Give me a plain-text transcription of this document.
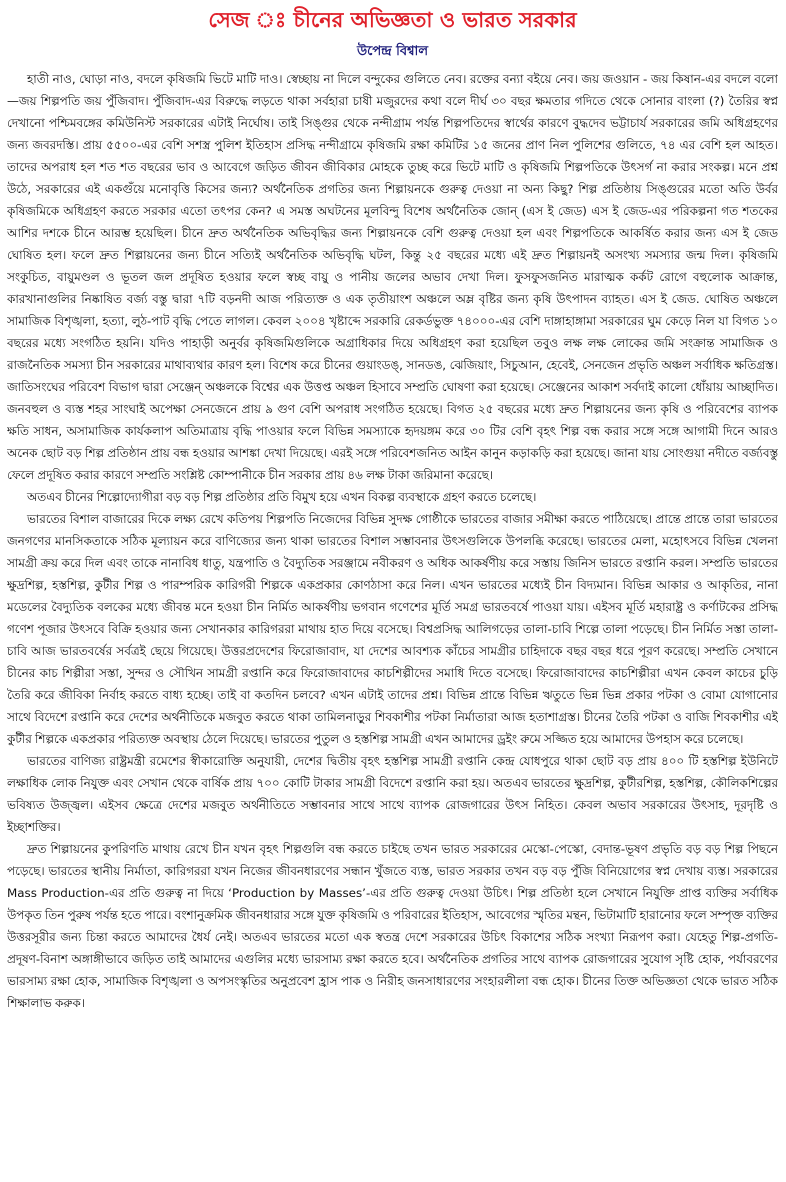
সেজ ঃ চীনের অভিজ্ঞতা ও ভারত সরকার
উপেন্দ্র বিশ্বাল

হাতী নাও, ঘোড়া নাও, বদলে কৃষিজমি ভিটে মাটি দাও। স্বেচ্ছায় না দিলে বন্দুকের গুলিতে নেব। রক্তের বন্যা বইয়ে নেব। জয় জওয়ান - জয় কিষান-এর বদলে বলো—জয় শিল্পপতি জয় পুঁজিবাদ। পুঁজিবাদ-এর বিরুদ্ধে লড়তে থাকা সর্বহারা চাষী মজুরদের কথা বলে দীর্ঘ ৩০ বছর ক্ষমতার গদিতে থেকে সোনার বাংলা (?) তৈরির স্বপ্ন দেখানো পশ্চিমবঙ্গের কমিউনিস্ট সরকারের এটাই নির্ঘোষ। তাই সিঙ্গুর থেকে নন্দীগ্রাম পর্যন্ত শিল্পপতিদের স্বার্থের কারণে বুদ্ধদেব ভট্টাচার্য সরকারের জমি অধিগ্রহণের জন্য জবরদস্তি। প্রায় ৫৫০০-এর বেশি সশস্ত্র পুলিশ ইতিহাস প্রসিদ্ধ নন্দীগ্রামে কৃষিজমি রক্ষা কমিটির ১৫ জনের প্রাণ নিল পুলিশের গুলিতে, ৭৪ এর বেশি হল আহত। তাদের অপরাধ হল শত শত বছরের ভাব ও আবেগে জড়িত জীবন জীবিকার মোহকে তুচ্ছ করে ভিটে মাটি ও কৃষিজমি শিল্পপতিকে উৎসর্গ না করার সংকল্প। মনে প্রশ্ন উঠে, সরকারের এই একগুঁয়ে মনোবৃত্তি কিসের জন্য? অর্থনৈতিক প্রগতির জন্য শিল্পায়নকে গুরুত্ব দেওয়া না অন্য কিছু? শিল্প প্রতিষ্ঠায় সিঙ্গুরের মতো অতি উর্বর কৃষিজমিকে অধিগ্রহণ করতে সরকার এতো তৎপর কেন? এ সমস্ত অঘটনের মূলবিন্দু বিশেষ অর্থনৈতিক জোন্ (এস ই জেড) এস ই জেড-এর পরিকল্পনা গত শতকের আশির দশকে চীনে আরম্ভ হয়েছিল। চীনে দ্রুত অর্থনৈতিক অভিবৃদ্ধির জন্য শিল্পায়নকে বেশি গুরুত্ব দেওয়া হল এবং শিল্পপতিকে আকর্ষিত করার জন্য এস ই জেড ঘোষিত হল। ফলে দ্রুত শিল্পায়নের জন্য চীনে সত্যিই অর্থনৈতিক অভিবৃদ্ধি ঘটল, কিন্তু ২৫ বছরের মধ্যে এই দ্রুত শিল্পায়নই অসংখ্য সমস্যার জন্ম দিল। কৃষিজমি সংকুচিত, বায়ুমণ্ডল ও ভূতল জল প্রদূষিত হওয়ার ফলে স্বচ্ছ বায়ু ও পানীয় জলের অভাব দেখা দিল। ফুসফুসজনিত মারাত্মক কর্কট রোগে বহুলোক আক্রান্ত, কারখানাগুলির নিষ্কাষিত বর্জ্য বস্তু দ্বারা ৭টি বড়নদী আজ পরিত্যক্ত ও এক তৃতীয়াংশ অঞ্চলে অম্ল বৃষ্টির জন্য কৃষি উৎপাদন ব্যাহত। এস ই জেড. ঘোষিত অঞ্চলে সামাজিক বিশৃঙ্খলা, হত্যা, লুঠ-পাট বৃদ্ধি পেতে লাগল। কেবল ২০০৪ খৃষ্টাব্দে সরকারি রেকর্ডভুক্ত ৭৪০০০-এর বেশি দাঙ্গাহাঙ্গামা সরকারের ঘুম কেড়ে নিল যা বিগত ১০ বছরের মধ্যে সংগঠিত হয়নি। যদিও পাহাড়ী অনুর্বর কৃষিজমিগুলিকে অগ্রাধিকার দিয়ে অধিগ্রহণ করা হয়েছিল তবুও লক্ষ লক্ষ লোকের জমি সংক্রান্ত সামাজিক ও রাজনৈতিক সমস্যা চীন সরকারের মাথাব্যথার কারণ হল। বিশেষ করে চীনের গুয়াংডঙ্, সানডঙ, ঝেজিয়াং, সিচুআন, হেবেই, সেনজেন প্রভৃতি অঞ্চল সর্বাধিক ক্ষতিগ্রস্ত। জাতিসংঘের পরিবেশ বিভাগ দ্বারা সেঞ্জেন্ অঞ্চলকে বিশ্বের এক উত্তপ্ত অঞ্চল হিসাবে সম্প্রতি ঘোষণা করা হয়েছে। সেঞ্জেনের আকাশ সর্বদাই কালো ধোঁয়ায় আচ্ছাদিত। জনবহুল ও ব্যস্ত শহর সাংঘাই অপেক্ষা সেনজেনে প্রায় ৯ গুণ বেশি অপরাধ সংগঠিত হয়েছে। বিগত ২৫ বছরের মধ্যে দ্রুত শিল্পায়নের জন্য কৃষি ও পরিবেশের ব্যাপক ক্ষতি সাধন, অসামাজিক কার্যকলাপ অতিমাত্রায় বৃদ্ধি পাওয়ার ফলে বিভিন্ন সমস্যাকে হৃদয়ঙ্গম করে ৩০ টির বেশি বৃহৎ শিল্প বন্ধ করার সঙ্গে সঙ্গে আগামী দিনে আরও অনেক ছোট বড় শিল্প প্রতিষ্ঠান প্রায় বন্ধ হওয়ার আশঙ্কা দেখা দিয়েছে। এরই সঙ্গে পরিবেশজনিত আইন কানুন কড়াকড়ি করা হয়েছে। জানা যায় সোংগুয়া নদীতে বর্জ্যবস্তু ফেলে প্রদূষিত করার কারণে সম্প্রতি সংশ্লিষ্ট কোম্পানীকে চীন সরকার প্রায় ৪৬ লক্ষ টাকা জরিমানা করেছে।

অতএব চীনের শিল্পোদ্যোগীরা বড় বড় শিল্প প্রতিষ্ঠার প্রতি বিমুখ হয়ে এখন বিকল্প ব্যবস্থাকে গ্রহণ করতে চলেছে।

ভারতের বিশাল বাজারের দিকে লক্ষ্য রেখে কতিপয় শিল্পপতি নিজেদের বিভিন্ন সুদক্ষ গোষ্ঠীকে ভারতের বাজার সমীক্ষা করতে পাঠিয়েছে। প্রান্তে প্রান্তে তারা ভারতের জনগণের মানসিকতাকে সঠিক মূল্যায়ন করে বাণিজ্যের জন্য থাকা ভারতের বিশাল সম্ভাবনার উৎসগুলিকে উপলব্ধি করেছে। ভারতের মেলা, মহোৎসবে বিভিন্ন খেলনা সামগ্রী ক্রয় করে দিল এবং তাকে নানাবিধ ধাতু, যন্ত্রপাতি ও বৈদ্যুতিক সরঞ্জামে নবীকরণ ও অধিক আকর্ষণীয় করে সস্তায় জিনিস ভারতে রপ্তানি করল। সম্প্রতি ভারতের ক্ষুদ্রশিল্প, হস্তশিল্প, কুটীর শিল্প ও পারম্পরিক কারিগরী শিল্পকে একপ্রকার কোণঠাসা করে নিল। এখন ভারতের মধ্যেই চীন বিদ্যমান। বিভিন্ন আকার ও আকৃতির, নানা মডেলের বৈদ্যুতিক বলকের মধ্যে জীবন্ত মনে হওয়া চীন নির্মিত আকর্ষণীয় ভগবান গণেশের মূর্তি সমগ্র ভারতবর্ষে পাওয়া যায়। এইসব মূর্তি মহারাষ্ট্র ও কর্ণাটকের প্রসিদ্ধ গণেশ পূজার উৎসবে বিক্রি হওয়ার জন্য সেখানকার কারিগররা মাথায় হাত দিয়ে বসেছে। বিশ্বপ্রসিদ্ধ আলিগড়ের তালা-চাবি শিল্পে তালা পড়েছে। চীন নির্মিত সস্তা তালা-চাবি আজ ভারতবর্ষের সর্বত্রই ছেয়ে গিয়েছে। উত্তরপ্রদেশের ফিরোজাবাদ, যা দেশের আবশ্যক কাঁচের সামগ্রীর চাহিদাকে বছর বছর ধরে পূরণ করেছে। সম্প্রতি সেখানে চীনের কাচ শিল্পীরা সস্তা, সুন্দর ও সৌখিন সামগ্রী রপ্তানি করে ফিরোজাবাদের কাচশিল্পীদের সমাধি দিতে বসেছে। ফিরোজাবাদের কাচশিল্পীরা এখন কেবল কাচের চুড়ি তৈরি করে জীবিকা নির্বাহ করতে বাধ্য হচ্ছে। তাই বা কতদিন চলবে? এখন এটাই তাদের প্রশ্ন। বিভিন্ন প্রান্তে বিভিন্ন ঋতুতে ভিন্ন ভিন্ন প্রকার পটকা ও বোমা যোগানোর সাথে বিদেশে রপ্তানি করে দেশের অর্থনীতিকে মজবুত করতে থাকা তামিলনাড়ুর শিবকাশীর পটকা নির্মাতারা আজ হতাশাগ্রস্ত। চীনের তৈরি পটকা ও বাজি শিবকাশীর এই কুটীর শিল্পকে একপ্রকার পরিত্যক্ত অবস্থায় ঠেলে দিয়েছে। ভারতের পুতুল ও হস্তশিল্প সামগ্রী এখন আমাদের ড্রইং রুমে সজ্জিত হয়ে আমাদের উপহাস করে চলেছে।

ভারতের বাণিজ্য রাষ্ট্রমন্ত্রী রমেশের স্বীকারোক্তি অনুযায়ী, দেশের দ্বিতীয় বৃহৎ হস্তশিল্প সামগ্রী রপ্তানি কেন্দ্র যোধপুরে থাকা ছোট বড় প্রায় ৪০০ টি হস্তশিল্প ইউনিটে লক্ষাধিক লোক নিযুক্ত এবং সেখান থেকে বার্ষিক প্রায় ৭০০ কোটি টাকার সামগ্রী বিদেশে রপ্তানি করা হয়। অতএব ভারতের ক্ষুদ্রশিল্প, কুটীরশিল্প, হস্তশিল্প, কৌলিকশিল্পের ভবিষ্যত উজ্জ্বল। এইসব ক্ষেত্রে দেশের মজবুত অর্থনীতিতে সম্ভাবনার সাথে সাথে ব্যাপক রোজগারের উৎস নিহিত। কেবল অভাব সরকারের উৎসাহ, দূরদৃষ্টি ও ইচ্ছাশক্তির।

দ্রুত শিল্পায়নের কুপরিণতি মাথায় রেখে চীন যখন বৃহৎ শিল্পগুলি বন্ধ করতে চাইছে তখন ভারত সরকারের মেস্কো-পেস্কো, বেদান্ত-ভূষণ প্রভৃতি বড় বড় শিল্প পিছনে পড়েছে। ভারতের স্থানীয় নির্মাতা, কারিগররা যখন নিজের জীবনধারণের সন্ধান খুঁজতে ব্যস্ত, ভারত সরকার তখন বড় বড় পুঁজি বিনিয়োগের স্বপ্ন দেখায় ব্যস্ত। সরকারের Mass Production-এর প্রতি গুরুত্ব না দিয়ে ‘Production by Masses’-এর প্রতি গুরুত্ব দেওয়া উচিৎ। শিল্প প্রতিষ্ঠা হলে সেখানে নিযুক্তি প্রাপ্ত ব্যক্তির সর্বাধিক উপকৃত তিন পুরুষ পর্যন্ত হতে পারে। বংশানুক্রমিক জীবনধারার সঙ্গে যুক্ত কৃষিজমি ও পরিবারের ইতিহাস, আবেগের স্মৃতির মন্থন, ভিটামাটি হারানোর ফলে সম্পৃক্ত ব্যক্তির উত্তরসূরীর জন্য চিন্তা করতে আমাদের ধৈর্য নেই। অতএব ভারতের মতো এক স্বতন্ত্র দেশে সরকারের উচিৎ বিকাশের সঠিক সংখ্যা নিরূপণ করা। যেহেতু শিল্প-প্রগতি-প্রদূষণ-বিনাশ অঙ্গাঙ্গীভাবে জড়িত তাই আমাদের এগুলির মধ্যে ভারসাম্য রক্ষা করতে হবে। অর্থনৈতিক প্রগতির সাথে ব্যাপক রোজগারের সুযোগ সৃষ্টি হোক, পর্যাবরণের ভারসাম্য রক্ষা হোক, সামাজিক বিশৃঙ্খলা ও অপসংস্কৃতির অনুপ্রবেশ হ্রাস পাক ও নিরীহ জনসাধারণের সংহারলীলা বন্ধ হোক। চীনের তিক্ত অভিজ্ঞতা থেকে ভারত সঠিক শিক্ষালাভ করুক।
